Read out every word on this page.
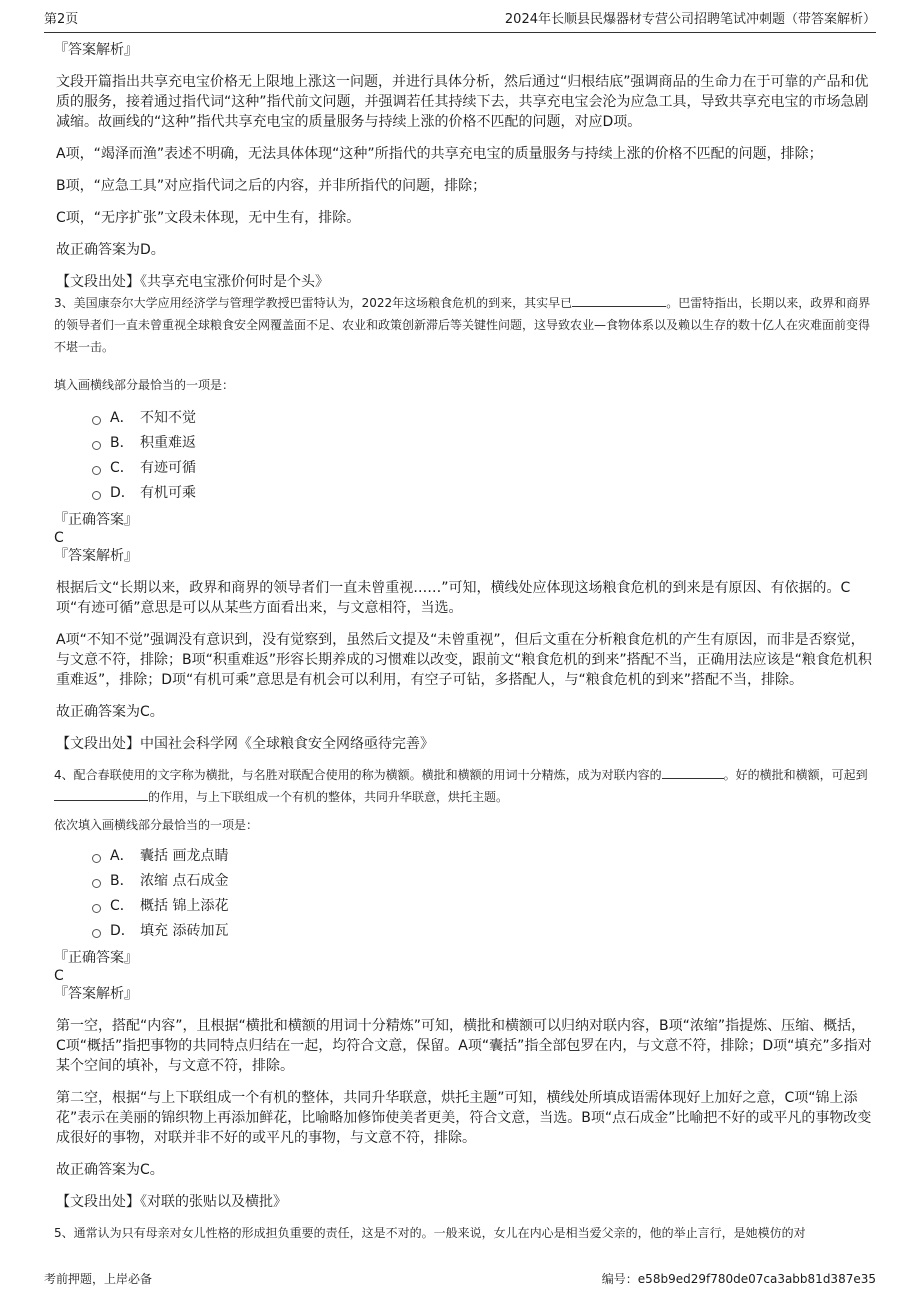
第2页	2024年长顺县民爆器材专营公司招聘笔试冲刺题（带答案解析）
『答案解析』
文段开篇指出共享充电宝价格无上限地上涨这一问题，并进行具体分析，然后通过“归根结底”强调商品的生命力在于可靠的产品和优质的服务，接着通过指代词“这种”指代前文问题，并强调若任其持续下去，共享充电宝会沦为应急工具，导致共享充电宝的市场急剧减缩。故画线的“这种”指代共享充电宝的质量服务与持续上涨的价格不匹配的问题，对应D项。
A项，“竭泽而渔”表述不明确，无法具体体现“这种”所指代的共享充电宝的质量服务与持续上涨的价格不匹配的问题，排除；
B项，“应急工具”对应指代词之后的内容，并非所指代的问题，排除；
C项，“无序扩张”文段未体现，无中生有，排除。
故正确答案为D。
【文段出处】《共享充电宝涨价何时是个头》
3、美国康奈尔大学应用经济学与管理学教授巴雷特认为，2022年这场粮食危机的到来，其实早已	。巴雷特指出，长期以来，政界和商界的领导者们一直未曾重视全球粮食安全网覆盖面不足、农业和政策创新滞后等关键性问题，这导致农业—食物体系以及赖以生存的数十亿人在灾难面前变得不堪一击。
填入画横线部分最恰当的一项是：
A． 不知不觉
B． 积重难返
C． 有迹可循
D． 有机可乘
『正确答案』
C
『答案解析』
根据后文“长期以来，政界和商界的领导者们一直未曾重视……”可知，横线处应体现这场粮食危机的到来是有原因、有依据的。C项“有迹可循”意思是可以从某些方面看出来，与文意相符，当选。
A项“不知不觉”强调没有意识到，没有觉察到，虽然后文提及“未曾重视”，但后文重在分析粮食危机的产生有原因，而非是否察觉，与文意不符，排除；B项“积重难返”形容长期养成的习惯难以改变，跟前文“粮食危机的到来”搭配不当，正确用法应该是“粮食危机积重难返”，排除；D项“有机可乘”意思是有机会可以利用，有空子可钻，多搭配人，与“粮食危机的到来”搭配不当，排除。
故正确答案为C。
【文段出处】中国社会科学网《全球粮食安全网络亟待完善》
4、配合春联使用的文字称为横批，与名胜对联配合使用的称为横额。横批和横额的用词十分精炼，成为对联内容的	。好的横批和横额，可起到的作用，与上下联组成一个有机的整体，共同升华联意，烘托主题。
依次填入画横线部分最恰当的一项是：
A． 囊括 画龙点睛
B． 浓缩 点石成金
C． 概括 锦上添花
D． 填充 添砖加瓦
『正确答案』
C
『答案解析』
第一空，搭配“内容”，且根据“横批和横额的用词十分精炼”可知，横批和横额可以归纳对联内容，B项“浓缩”指提炼、压缩、概括，C项“概括”指把事物的共同特点归结在一起，均符合文意，保留。A项“囊括”指全部包罗在内，与文意不符，排除；D项“填充”多指对某个空间的填补，与文意不符，排除。
第二空，根据“与上下联组成一个有机的整体，共同升华联意，烘托主题”可知，横线处所填成语需体现好上加好之意，C项“锦上添花”表示在美丽的锦织物上再添加鲜花，比喻略加修饰使美者更美，符合文意，当选。B项“点石成金”比喻把不好的或平凡的事物改变成很好的事物，对联并非不好的或平凡的事物，与文意不符，排除。
故正确答案为C。
【文段出处】《对联的张贴以及横批》
5、通常认为只有母亲对女儿性格的形成担负重要的责任，这是不对的。一般来说，女儿在内心是相当爱父亲的，他的举止言行，是她模仿的对
考前押题，上岸必备	编号：e58b9ed29f780de07ca3abb81d387e35
